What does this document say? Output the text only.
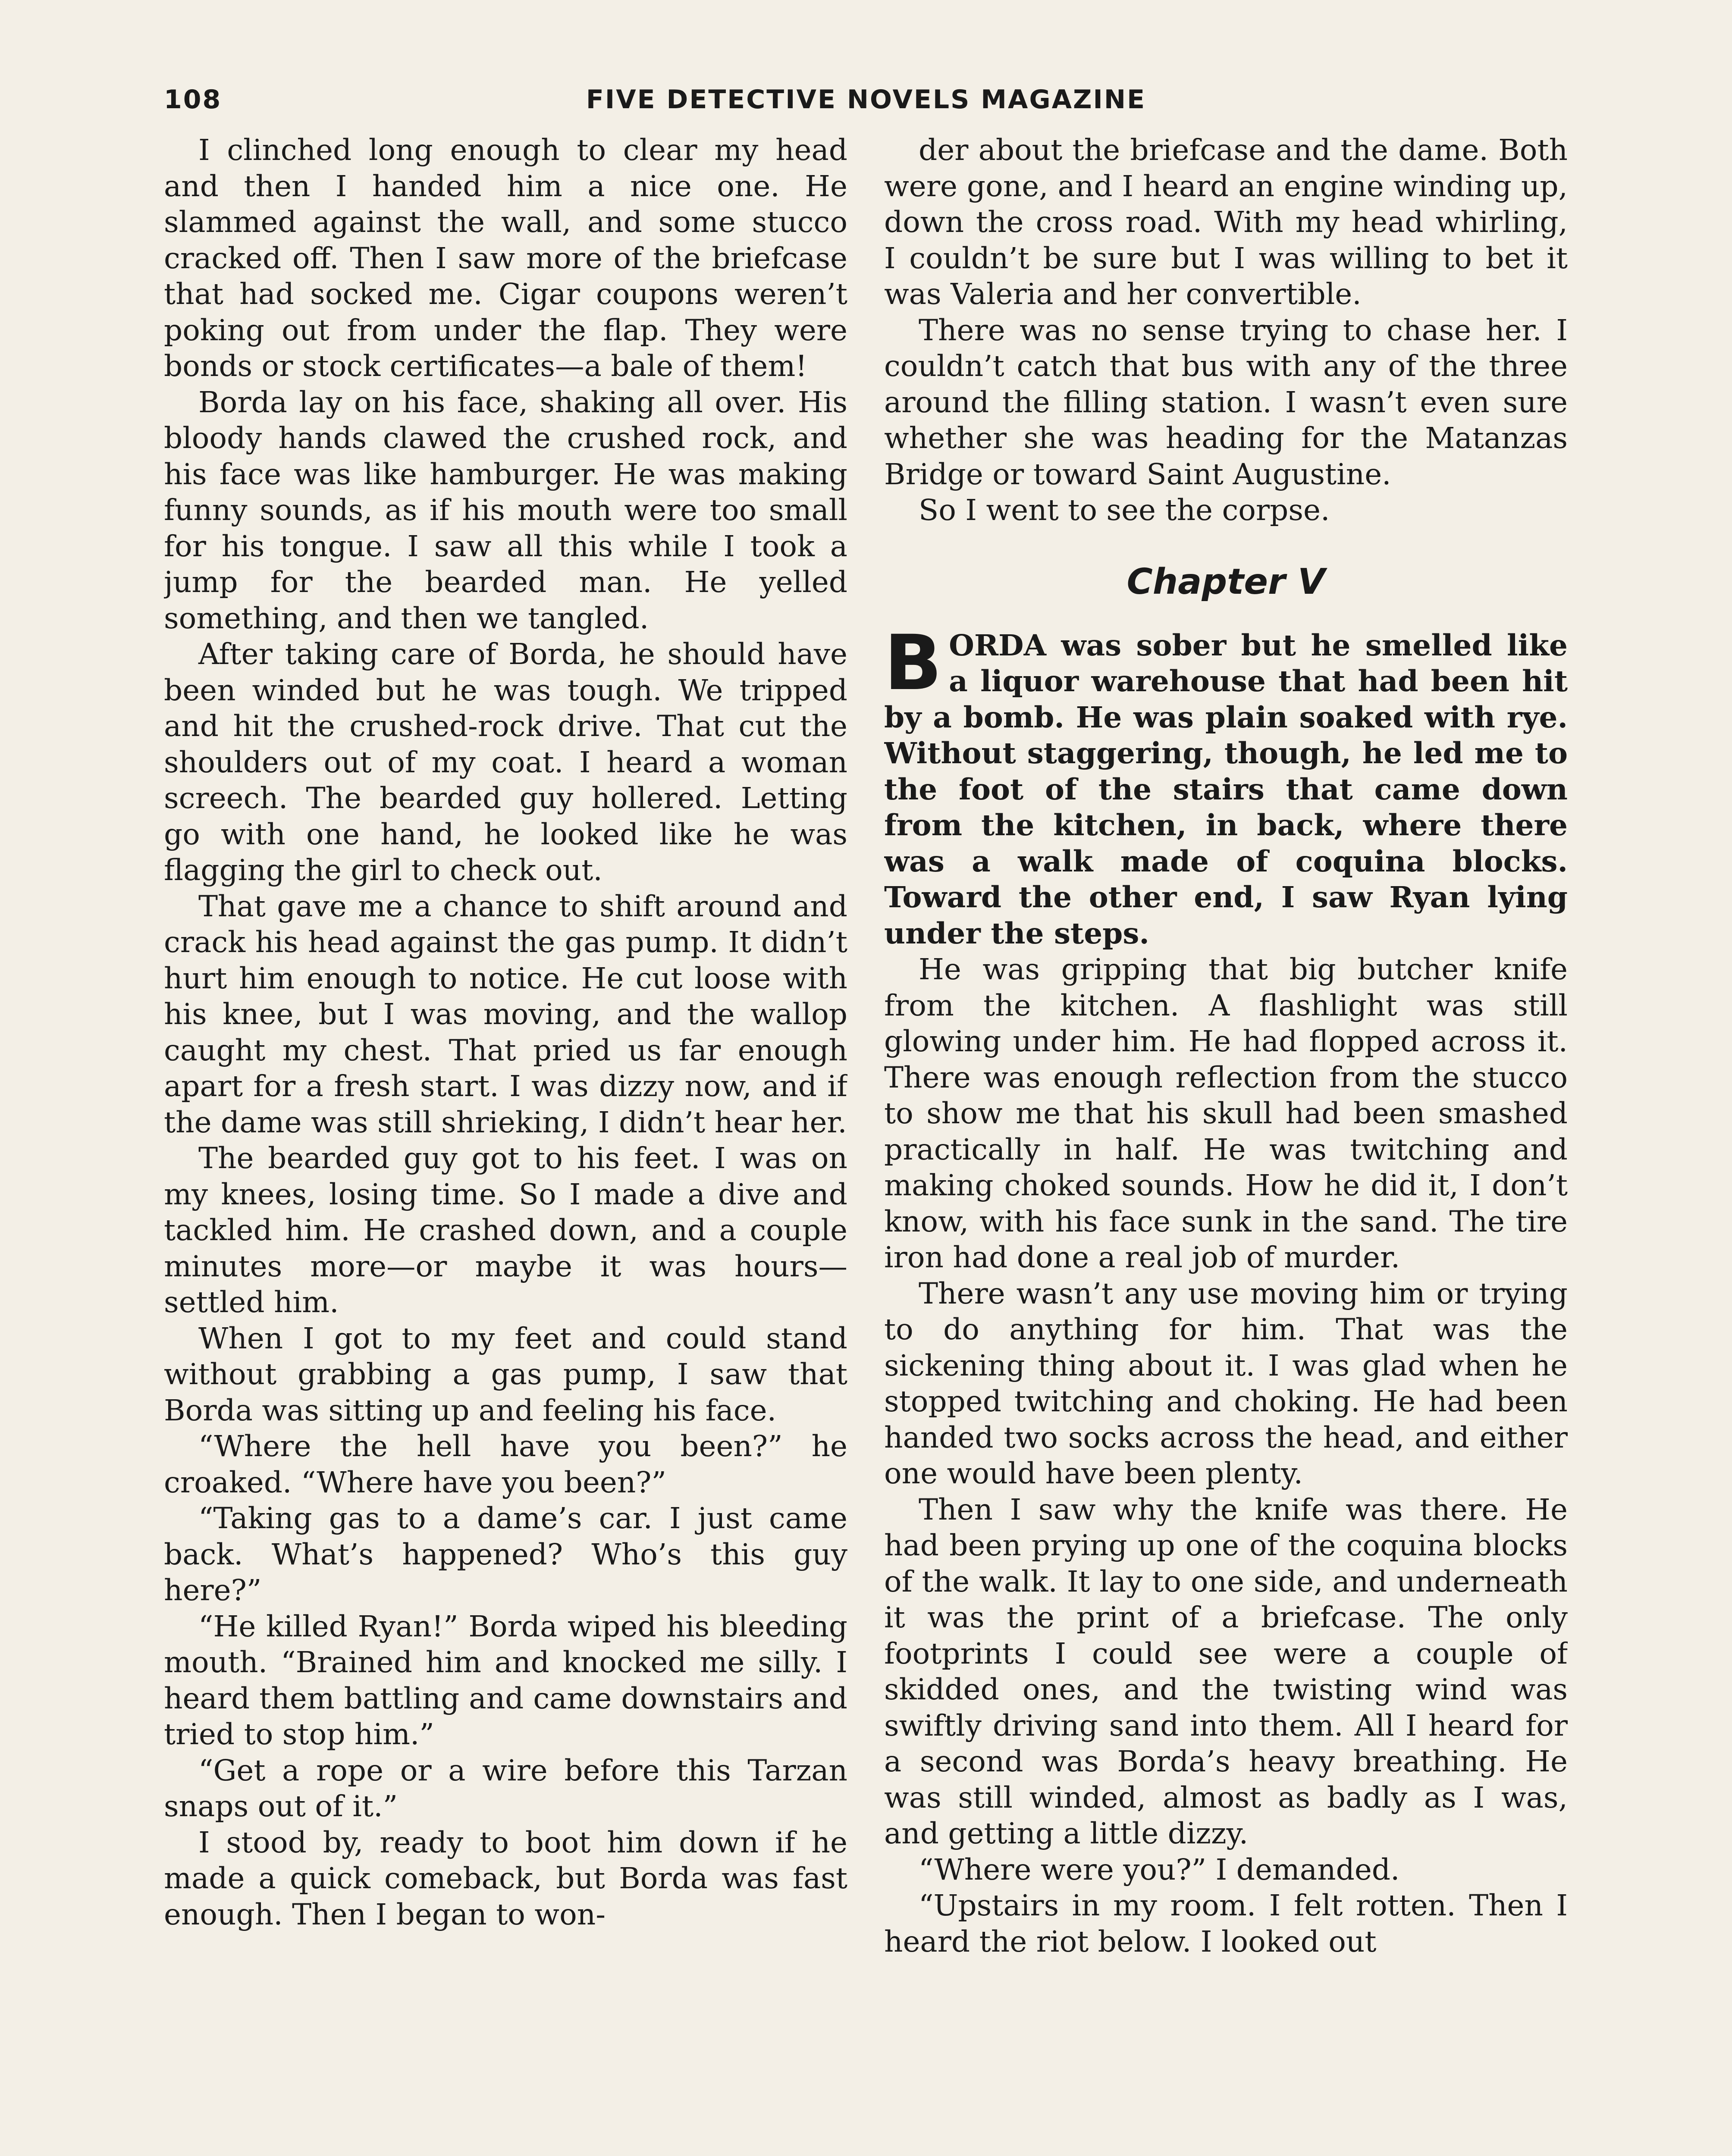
108	FIVE DETECTIVE NOVELS MAGAZINE

I clinched long enough to clear my head and then I handed him a nice one. He slammed against the wall, and some stucco cracked off. Then I saw more of the briefcase that had socked me. Cigar coupons weren’t poking out from under the flap. They were bonds or stock certificates—a bale of them!

Borda lay on his face, shaking all over. His bloody hands clawed the crushed rock, and his face was like hamburger. He was making funny sounds, as if his mouth were too small for his tongue. I saw all this while I took a jump for the bearded man. He yelled something, and then we tangled.

After taking care of Borda, he should have been winded but he was tough. We tripped and hit the crushed-rock drive. That cut the shoulders out of my coat. I heard a woman screech. The bearded guy hollered. Letting go with one hand, he looked like he was flagging the girl to check out.

That gave me a chance to shift around and crack his head against the gas pump. It didn’t hurt him enough to notice. He cut loose with his knee, but I was moving, and the wallop caught my chest. That pried us far enough apart for a fresh start. I was dizzy now, and if the dame was still shrieking, I didn’t hear her.

The bearded guy got to his feet. I was on my knees, losing time. So I made a dive and tackled him. He crashed down, and a couple minutes more—or maybe it was hours—settled him.

When I got to my feet and could stand without grabbing a gas pump, I saw that Borda was sitting up and feeling his face.

“Where the hell have you been?” he croaked. “Where have you been?”

“Taking gas to a dame’s car. I just came back. What’s happened? Who’s this guy here?”

“He killed Ryan!” Borda wiped his bleeding mouth. “Brained him and knocked me silly. I heard them battling and came downstairs and tried to stop him.”

“Get a rope or a wire before this Tarzan snaps out of it.”

I stood by, ready to boot him down if he made a quick comeback, but Borda was fast enough. Then I began to won-

der about the briefcase and the dame. Both were gone, and I heard an engine winding up, down the cross road. With my head whirling, I couldn’t be sure but I was willing to bet it was Valeria and her convertible.

There was no sense trying to chase her. I couldn’t catch that bus with any of the three around the filling station. I wasn’t even sure whether she was heading for the Matanzas Bridge or toward Saint Augustine.

So I went to see the corpse.

Chapter V

BORDA was sober but he smelled like a liquor warehouse that had been hit by a bomb. He was plain soaked with rye. Without staggering, though, he led me to the foot of the stairs that came down from the kitchen, in back, where there was a walk made of coquina blocks. Toward the other end, I saw Ryan lying under the steps.

He was gripping that big butcher knife from the kitchen. A flashlight was still glowing under him. He had flopped across it. There was enough reflection from the stucco to show me that his skull had been smashed practically in half. He was twitching and making choked sounds. How he did it, I don’t know, with his face sunk in the sand. The tire iron had done a real job of murder.

There wasn’t any use moving him or trying to do anything for him. That was the sickening thing about it. I was glad when he stopped twitching and choking. He had been handed two socks across the head, and either one would have been plenty.

Then I saw why the knife was there. He had been prying up one of the coquina blocks of the walk. It lay to one side, and underneath it was the print of a briefcase. The only footprints I could see were a couple of skidded ones, and the twisting wind was swiftly driving sand into them. All I heard for a second was Borda’s heavy breathing. He was still winded, almost as badly as I was, and getting a little dizzy.

“Where were you?” I demanded.

“Upstairs in my room. I felt rotten. Then I heard the riot below. I looked out
